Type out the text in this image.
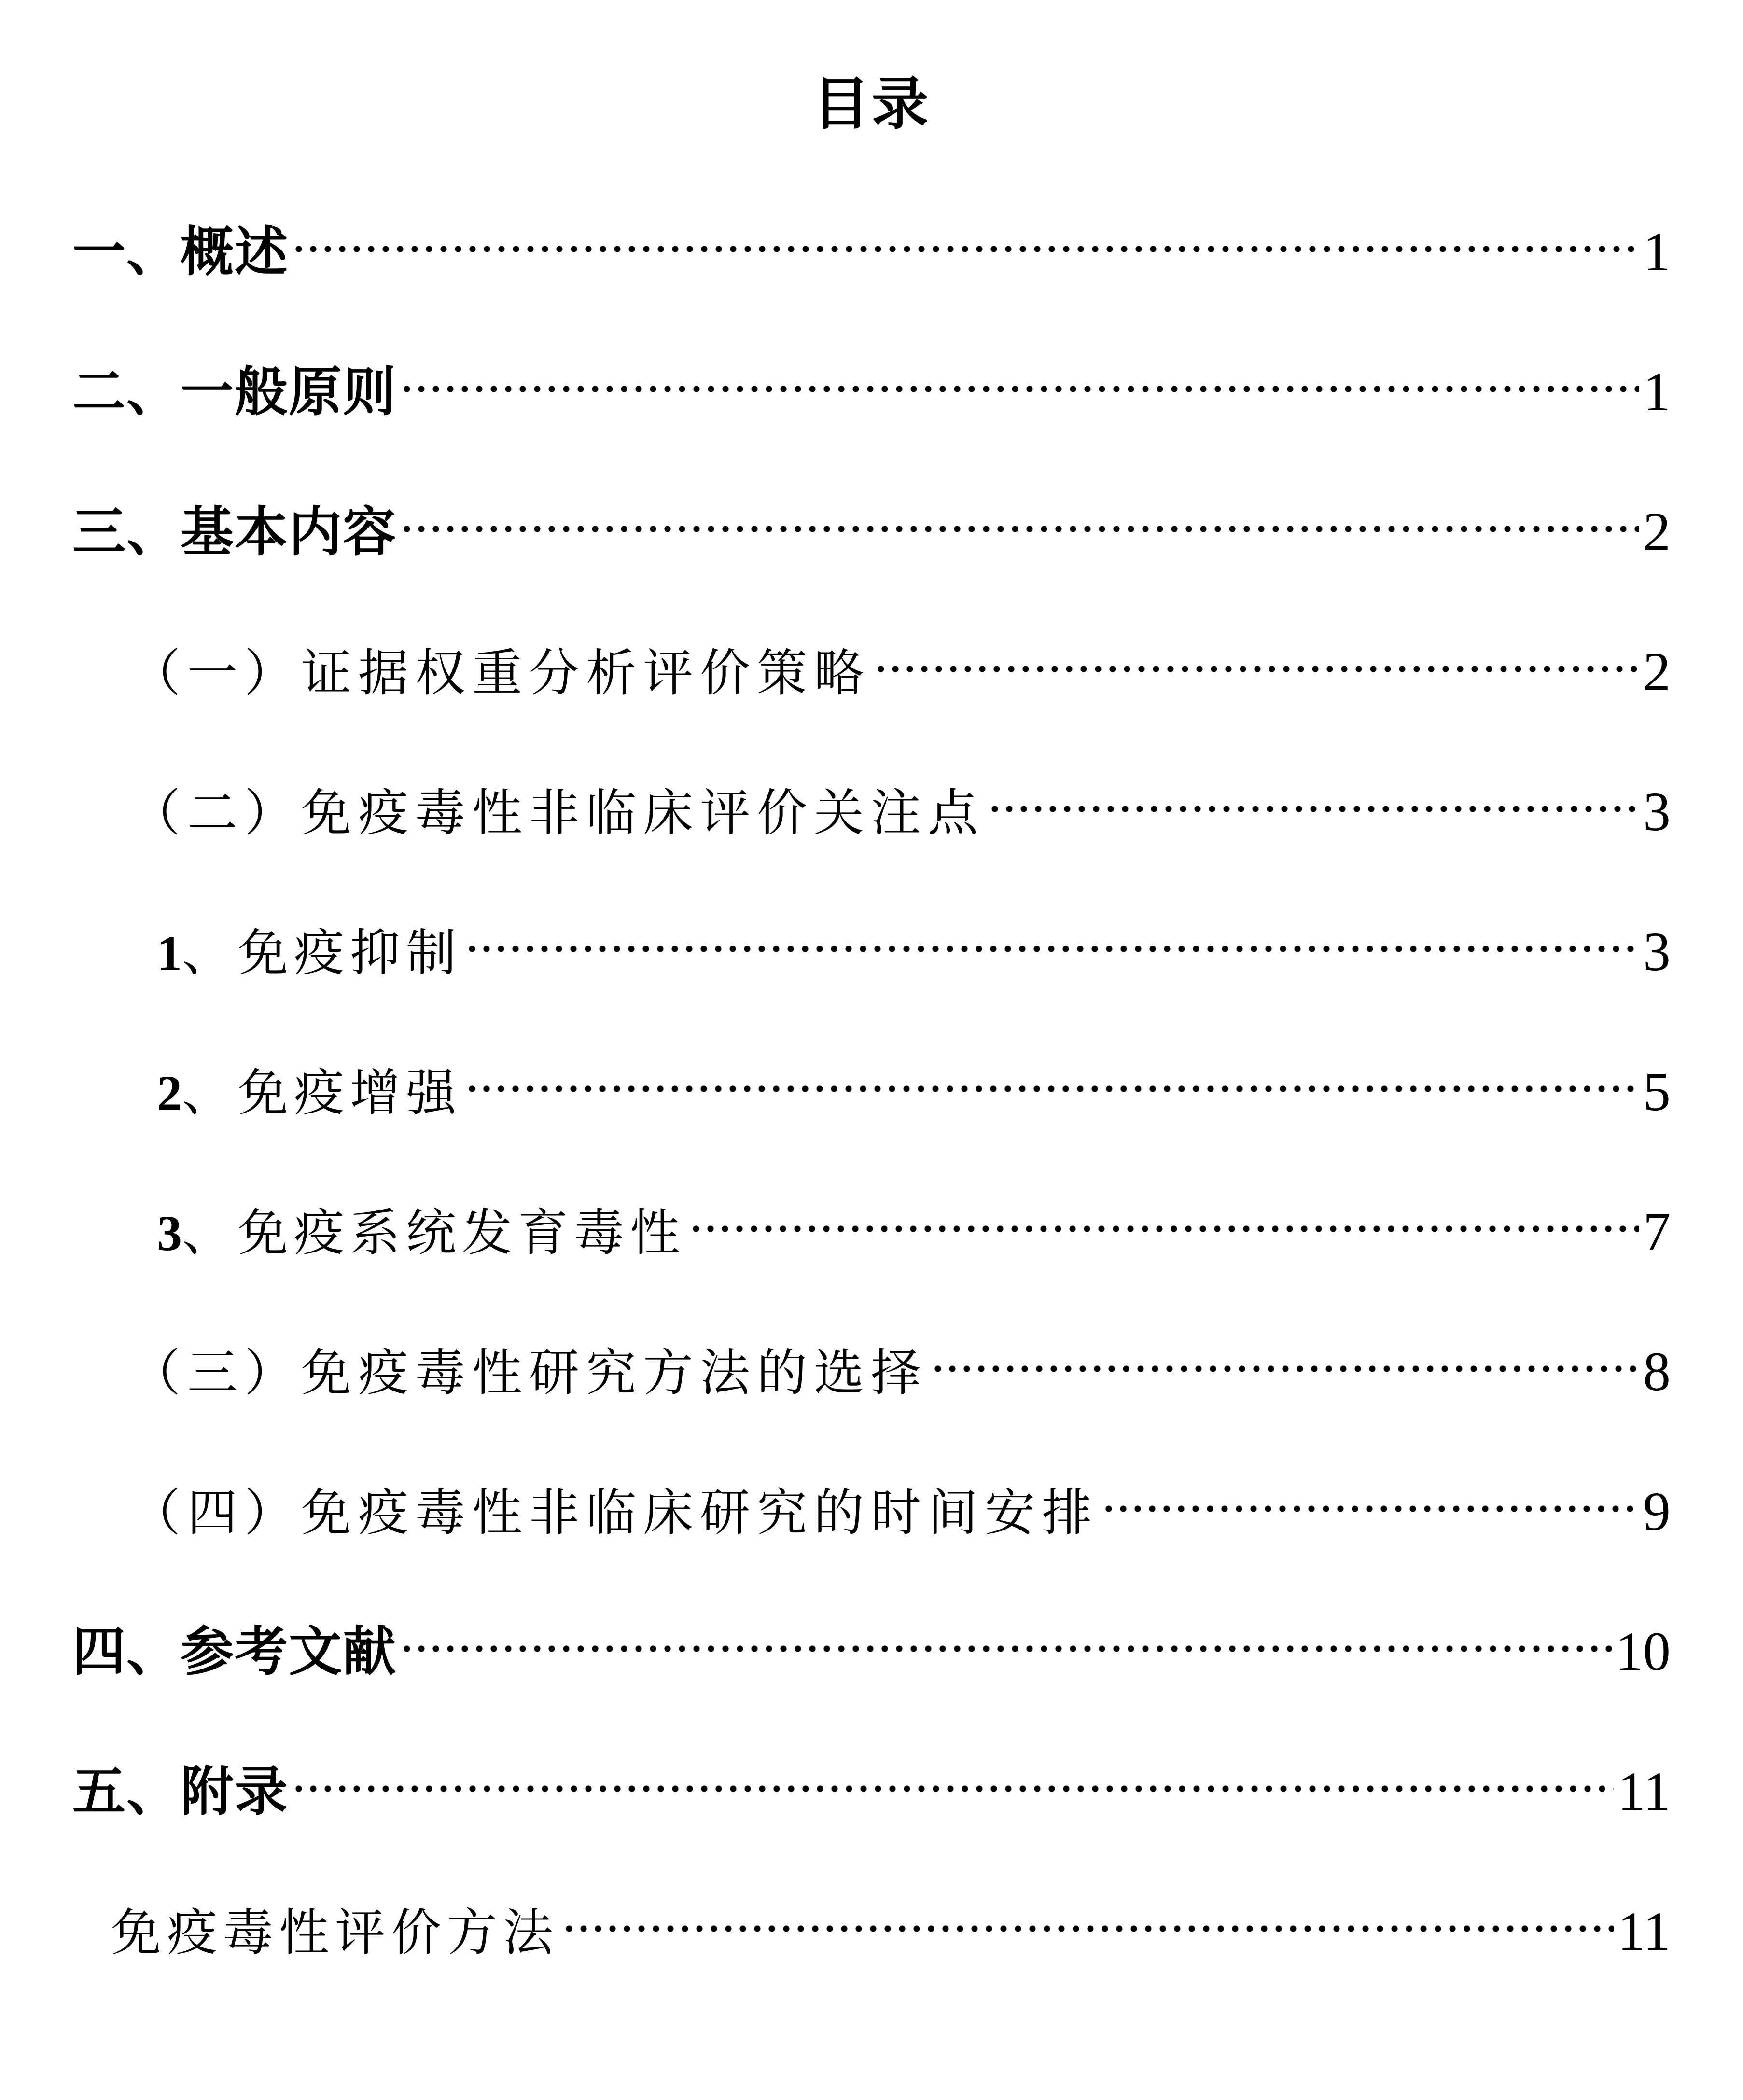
目录
一、概述	1
二、一般原则	1
三、基本内容	2
（一）证据权重分析评价策略	2
（二）免疫毒性非临床评价关注点	3
1、免疫抑制	3
2、免疫增强	5
3、免疫系统发育毒性	7
（三）免疫毒性研究方法的选择	8
（四）免疫毒性非临床研究的时间安排	9
四、参考文献	10
五、附录	11
免疫毒性评价方法	11
